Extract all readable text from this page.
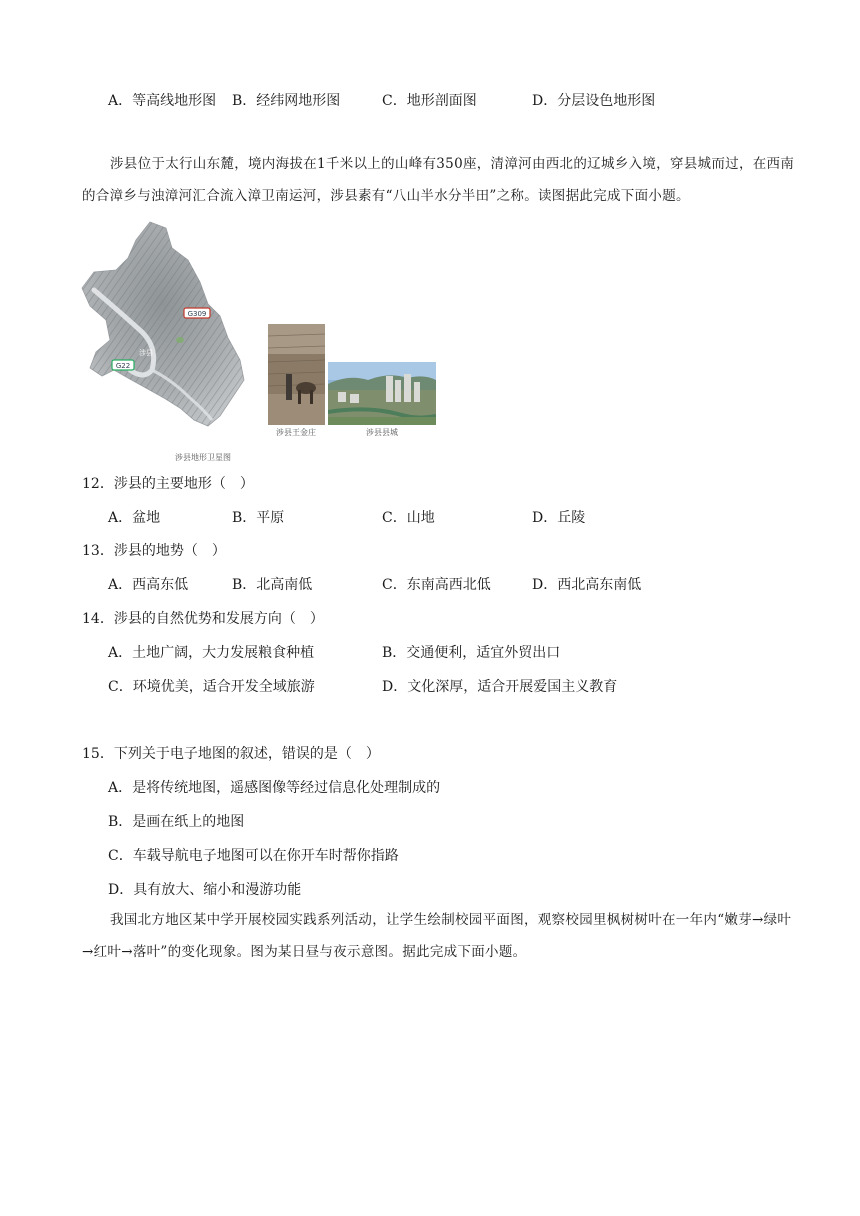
A．等高线地形图 B．经纬网地形图	C．地形剖面图	D．分层设色地形图
涉县位于太行山东麓，境内海拔在1千米以上的山峰有350座，清漳河由西北的辽城乡入境，穿县城而过，在西南的合漳乡与浊漳河汇合流入漳卫南运河，涉县素有“八山半水分半田”之称。读图据此完成下面小题。
G309
G22
涉县
涉县地形卫星图
涉县王金庄	涉县县城
12．涉县的主要地形（　）
A．盆地	B．平原	C．山地	D．丘陵
13．涉县的地势（　）
A．西高东低	B．北高南低	C．东南高西北低	D．西北高东南低
14．涉县的自然优势和发展方向（　）
A．土地广阔，大力发展粮食种植	B．交通便利，适宜外贸出口
C．环境优美，适合开发全域旅游	D．文化深厚，适合开展爱国主义教育
15．下列关于电子地图的叙述，错误的是（　）
A．是将传统地图，遥感图像等经过信息化处理制成的
B．是画在纸上的地图
C．车载导航电子地图可以在你开车时帮你指路
D．具有放大、缩小和漫游功能
我国北方地区某中学开展校园实践系列活动，让学生绘制校园平面图，观察校园里枫树树叶在一年内“嫩芽→绿叶→红叶→落叶”的变化现象。图为某日昼与夜示意图。据此完成下面小题。
